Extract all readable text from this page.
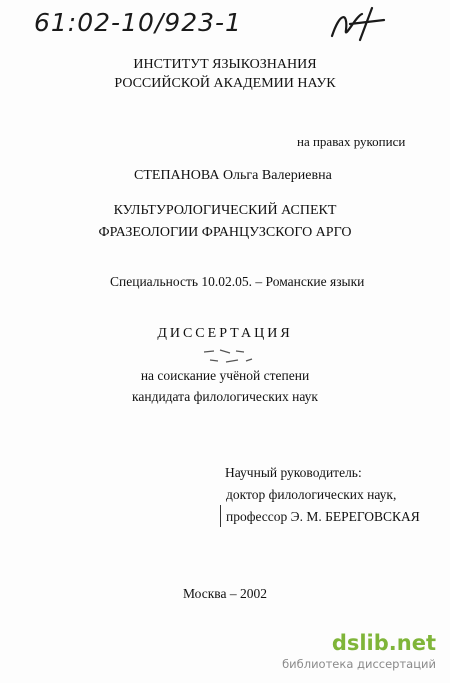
61:02-10/923-1
ИНСТИТУТ ЯЗЫКОЗНАНИЯ
РОССИЙСКОЙ АКАДЕМИИ НАУК
на правах рукописи
СТЕПАНОВА Ольга Валериевна
КУЛЬТУРОЛОГИЧЕСКИЙ АСПЕКТ
ФРАЗЕОЛОГИИ ФРАНЦУЗСКОГО АРГО
Специальность 10.02.05. – Романские языки
ДИССЕРТАЦИЯ
на соискание учёной степени
кандидата филологических наук
Научный руководитель:
доктор филологических наук,
профессор Э. М. БЕРЕГОВСКАЯ
Москва – 2002
dslib.net
библиотека диссертаций
